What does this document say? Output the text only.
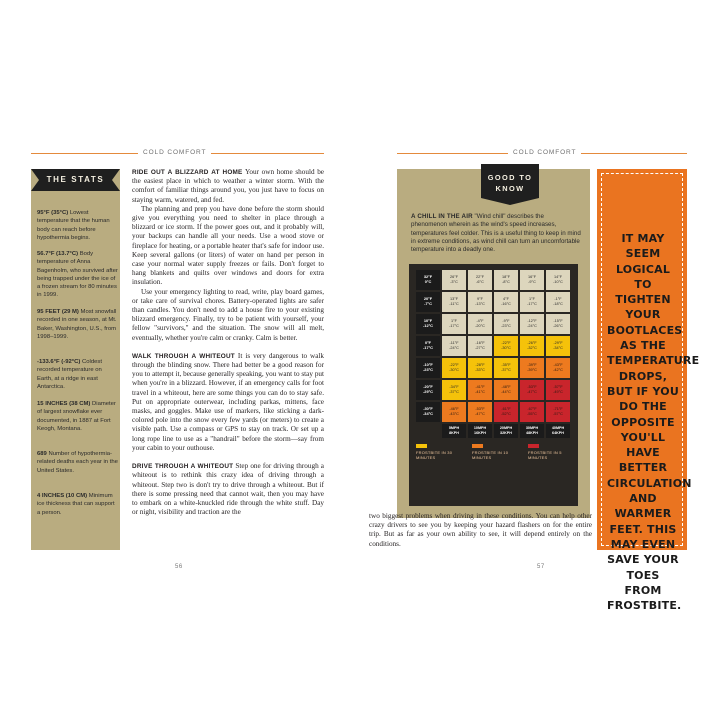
COLD COMFORT
THE STATS
95°F (35°C) Lowest temperature that the human body can reach before hypothermia begins.
56.7°F (13.7°C) Body temperature of Anna Bagenholm, who survived after being trapped under the ice of a frozen stream for 80 minutes in 1999.
95 FEET (29 M) Most snowfall recorded in one season, at Mt. Baker, Washington, U.S., from 1998–1999.
-133.6°F (-92°C) Coldest recorded temperature on Earth, at a ridge in east Antarctica.
15 INCHES (38 CM) Diameter of largest snowflake ever documented, in 1887 at Fort Keogh, Montana.
689 Number of hypothermia-related deaths each year in the United States.
4 INCHES (10 CM) Minimum ice thickness that can support a person.

RIDE OUT A BLIZZARD AT HOME Your own home should be the easiest place in which to weather a winter storm. With the comfort of familiar things around you, you just have to focus on staying warm, watered, and fed.

The planning and prep you have done before the storm should give you everything you need to shelter in place through a blizzard or ice storm. If the power goes out, and it probably will, your backups can handle all your needs. Use a wood stove or fireplace for heating, or a portable heater that's safe for indoor use. Keep several gallons (or liters) of water on hand per person in case your normal water supply freezes or fails. Don't forget to hang blankets and quilts over windows and doors for extra insulation.

Use your emergency lighting to read, write, play board games, or take care of survival chores. Battery-operated lights are safer than candles. You don't need to add a house fire to your existing blizzard emergency. Finally, try to be patient with yourself, your fellow "survivors," and the situation. The snow will all melt, eventually, whether you're calm or cranky. Calm is better.

WALK THROUGH A WHITEOUT It is very dangerous to walk through the blinding snow. There had better be a good reason for you to attempt it, because generally speaking, you want to stay put when you're in a blizzard. However, if an emergency calls for foot travel in a whiteout, here are some things you can do to stay safe. Put on appropriate outerwear, including parkas, mittens, face masks, and goggles. Make use of markers, like sticking a dark-colored pole into the snow every few yards (or meters) to create a visible path. Use a compass or GPS to stay on track. Or set up a long rope line to use as a "handrail" before the storm—say from your cabin to your outhouse.

DRIVE THROUGH A WHITEOUT Step one for driving through a whiteout is to rethink this crazy idea of driving through a whiteout. Step two is don't try to drive through a whiteout. But if there is some pressing need that cannot wait, then you may have to embark on a white-knuckled ride through the white stuff. Day or night, visibility and traction are the

56
COLD COMFORT
57
GOOD TO
KNOW
A CHILL IN THE AIR "Wind chill" describes the phenomenon wherein as the wind's speed increases, temperatures feel colder. This is a useful thing to keep in mind in extreme conditions, as wind chill can turn an uncomfortable temperature into a deadly one.
32°F
0°C
26°F
-3°C
22°F
-6°C
18°F
-8°C
16°F
-9°C
14°F
-10°C
20°F
-7°C
13°F
-11°C
9°F
-13°C
4°F
-16°C
1°F
-17°C
-1°F
-18°C
10°F
-12°C
1°F
-17°C
-4°F
-20°C
-9°F
-23°C
-12°F
-24°C
-15°F
-26°C
0°F
-17°C
-11°F
-24°C
-16°F
-27°C
-22°F
-30°C
-26°F
-32°C
-29°F
-34°C
-10°F
-23°C
-22°F
-30°C
-28°F
-33°C
-35°F
-37°C
-39°F
-39°C
-43°F
-42°C
-20°F
-29°C
-34°F
-37°C
-41°F
-41°C
-48°F
-44°C
-53°F
-47°C
-57°F
-49°C
-30°F
-34°C
-46°F
-43°C
-53°F
-47°C
-61°F
-52°C
-67°F
-55°C
-71°F
-57°C
5MPH
8KPH
10MPH
16KPH
20MPH
32KPH
30MPH
48KPH
40MPH
64KPH
FROSTBITE IN 30 MINUTES
FROSTBITE IN 10 MINUTES
FROSTBITE IN 5 MINUTES
two biggest problems when driving in these conditions. You can help other crazy drivers to see you by keeping your hazard flashers on for the entire trip. But as far as your own ability to see, it will depend entirely on the conditions.
IT MAY SEEM LOGICAL TO TIGHTEN YOUR BOOTLACES AS THE TEMPERATURE DROPS, BUT IF YOU DO THE OPPOSITE YOU'LL HAVE BETTER CIRCULATION AND WARMER FEET. THIS MAY EVEN SAVE YOUR TOES FROM FROSTBITE.
